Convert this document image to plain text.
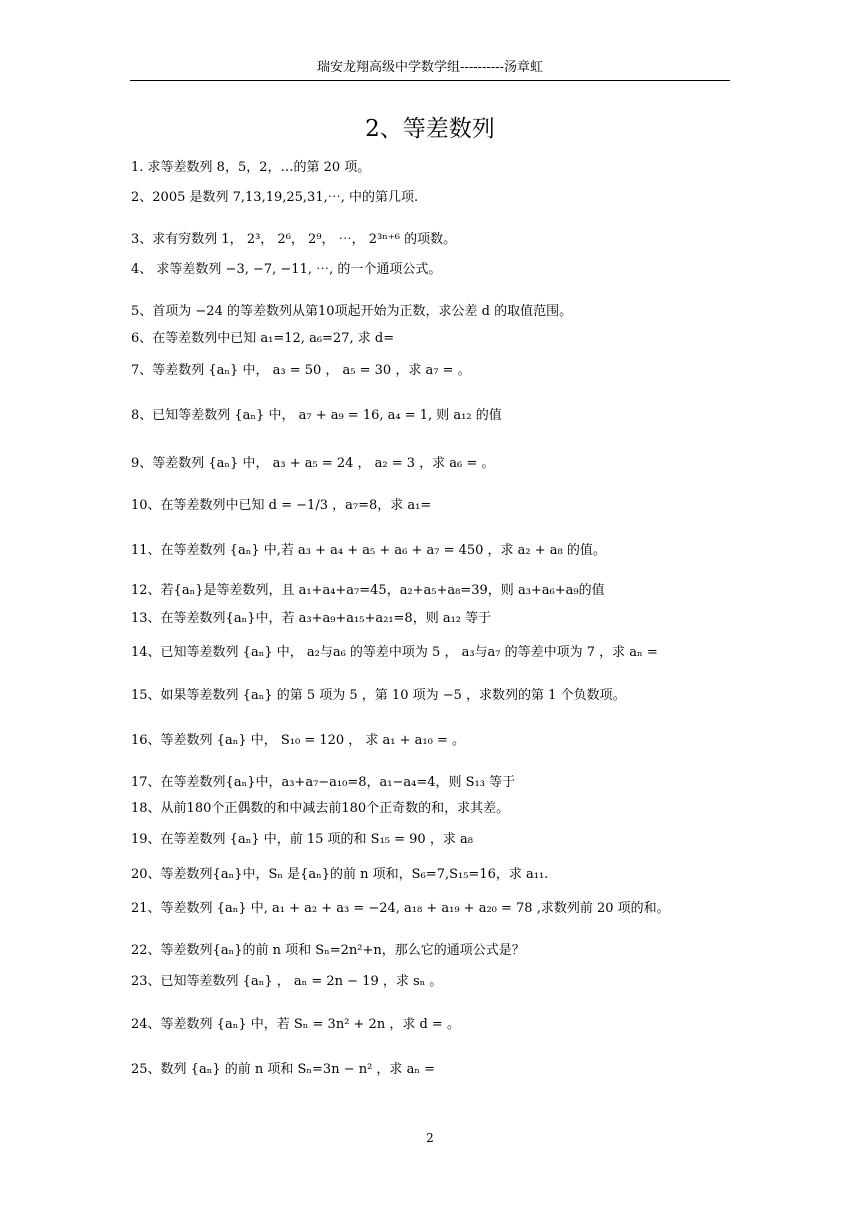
瑞安龙翔高级中学数学组----------汤章虹
2、等差数列
1. 求等差数列 8，5，2，…的第 20 项。
2、2005 是数列 7,13,19,25,31,⋯, 中的第几项.
3、求有穷数列 1， 2³， 2⁶， 2⁹， ⋯， 2³ⁿ⁺⁶ 的项数。
4、 求等差数列 −3, −7, −11, ⋯, 的一个通项公式。
5、首项为 −24 的等差数列从第10项起开始为正数，求公差 d 的取值范围。
6、在等差数列中已知 a₁=12, a₆=27, 求 d=
7、等差数列 {aₙ} 中， a₃ = 50 ， a₅ = 30 ，求 a₇ = 。
8、已知等差数列 {aₙ} 中， a₇ + a₉ = 16, a₄ = 1, 则 a₁₂ 的值
9、等差数列 {aₙ} 中， a₃ + a₅ = 24 ， a₂ = 3 ，求 a₆ = 。
10、在等差数列中已知 d = −1/3 ，a₇=8，求 a₁=
11、在等差数列 {aₙ} 中,若 a₃ + a₄ + a₅ + a₆ + a₇ = 450 ，求 a₂ + a₈ 的值。
12、若{aₙ}是等差数列，且 a₁+a₄+a₇=45，a₂+a₅+a₈=39，则 a₃+a₆+a₉的值
13、在等差数列{aₙ}中，若 a₃+a₉+a₁₅+a₂₁=8，则 a₁₂ 等于
14、已知等差数列 {aₙ} 中， a₂与a₆ 的等差中项为 5 ， a₃与a₇ 的等差中项为 7 ，求 aₙ =
15、如果等差数列 {aₙ} 的第 5 项为 5 ，第 10 项为 −5 ，求数列的第 1 个负数项。
16、等差数列 {aₙ} 中， S₁₀ = 120 ， 求 a₁ + a₁₀ = 。
17、在等差数列{aₙ}中，a₃+a₇−a₁₀=8，a₁−a₄=4，则 S₁₃ 等于
18、从前180个正偶数的和中减去前180个正奇数的和，求其差。
19、在等差数列 {aₙ} 中，前 15 项的和 S₁₅ = 90 ，求 a₈
20、等差数列{aₙ}中，Sₙ 是{aₙ}的前 n 项和，S₆=7,S₁₅=16，求 a₁₁.
21、等差数列 {aₙ} 中, a₁ + a₂ + a₃ = −24, a₁₈ + a₁₉ + a₂₀ = 78 ,求数列前 20 项的和。
22、等差数列{aₙ}的前 n 项和 Sₙ=2n²+n，那么它的通项公式是？
23、已知等差数列 {aₙ} ， aₙ = 2n − 19 ，求 sₙ 。
24、等差数列 {aₙ} 中，若 Sₙ = 3n² + 2n ，求 d = 。
25、数列 {aₙ} 的前 n 项和 Sₙ=3n − n² ，求 aₙ =
2
